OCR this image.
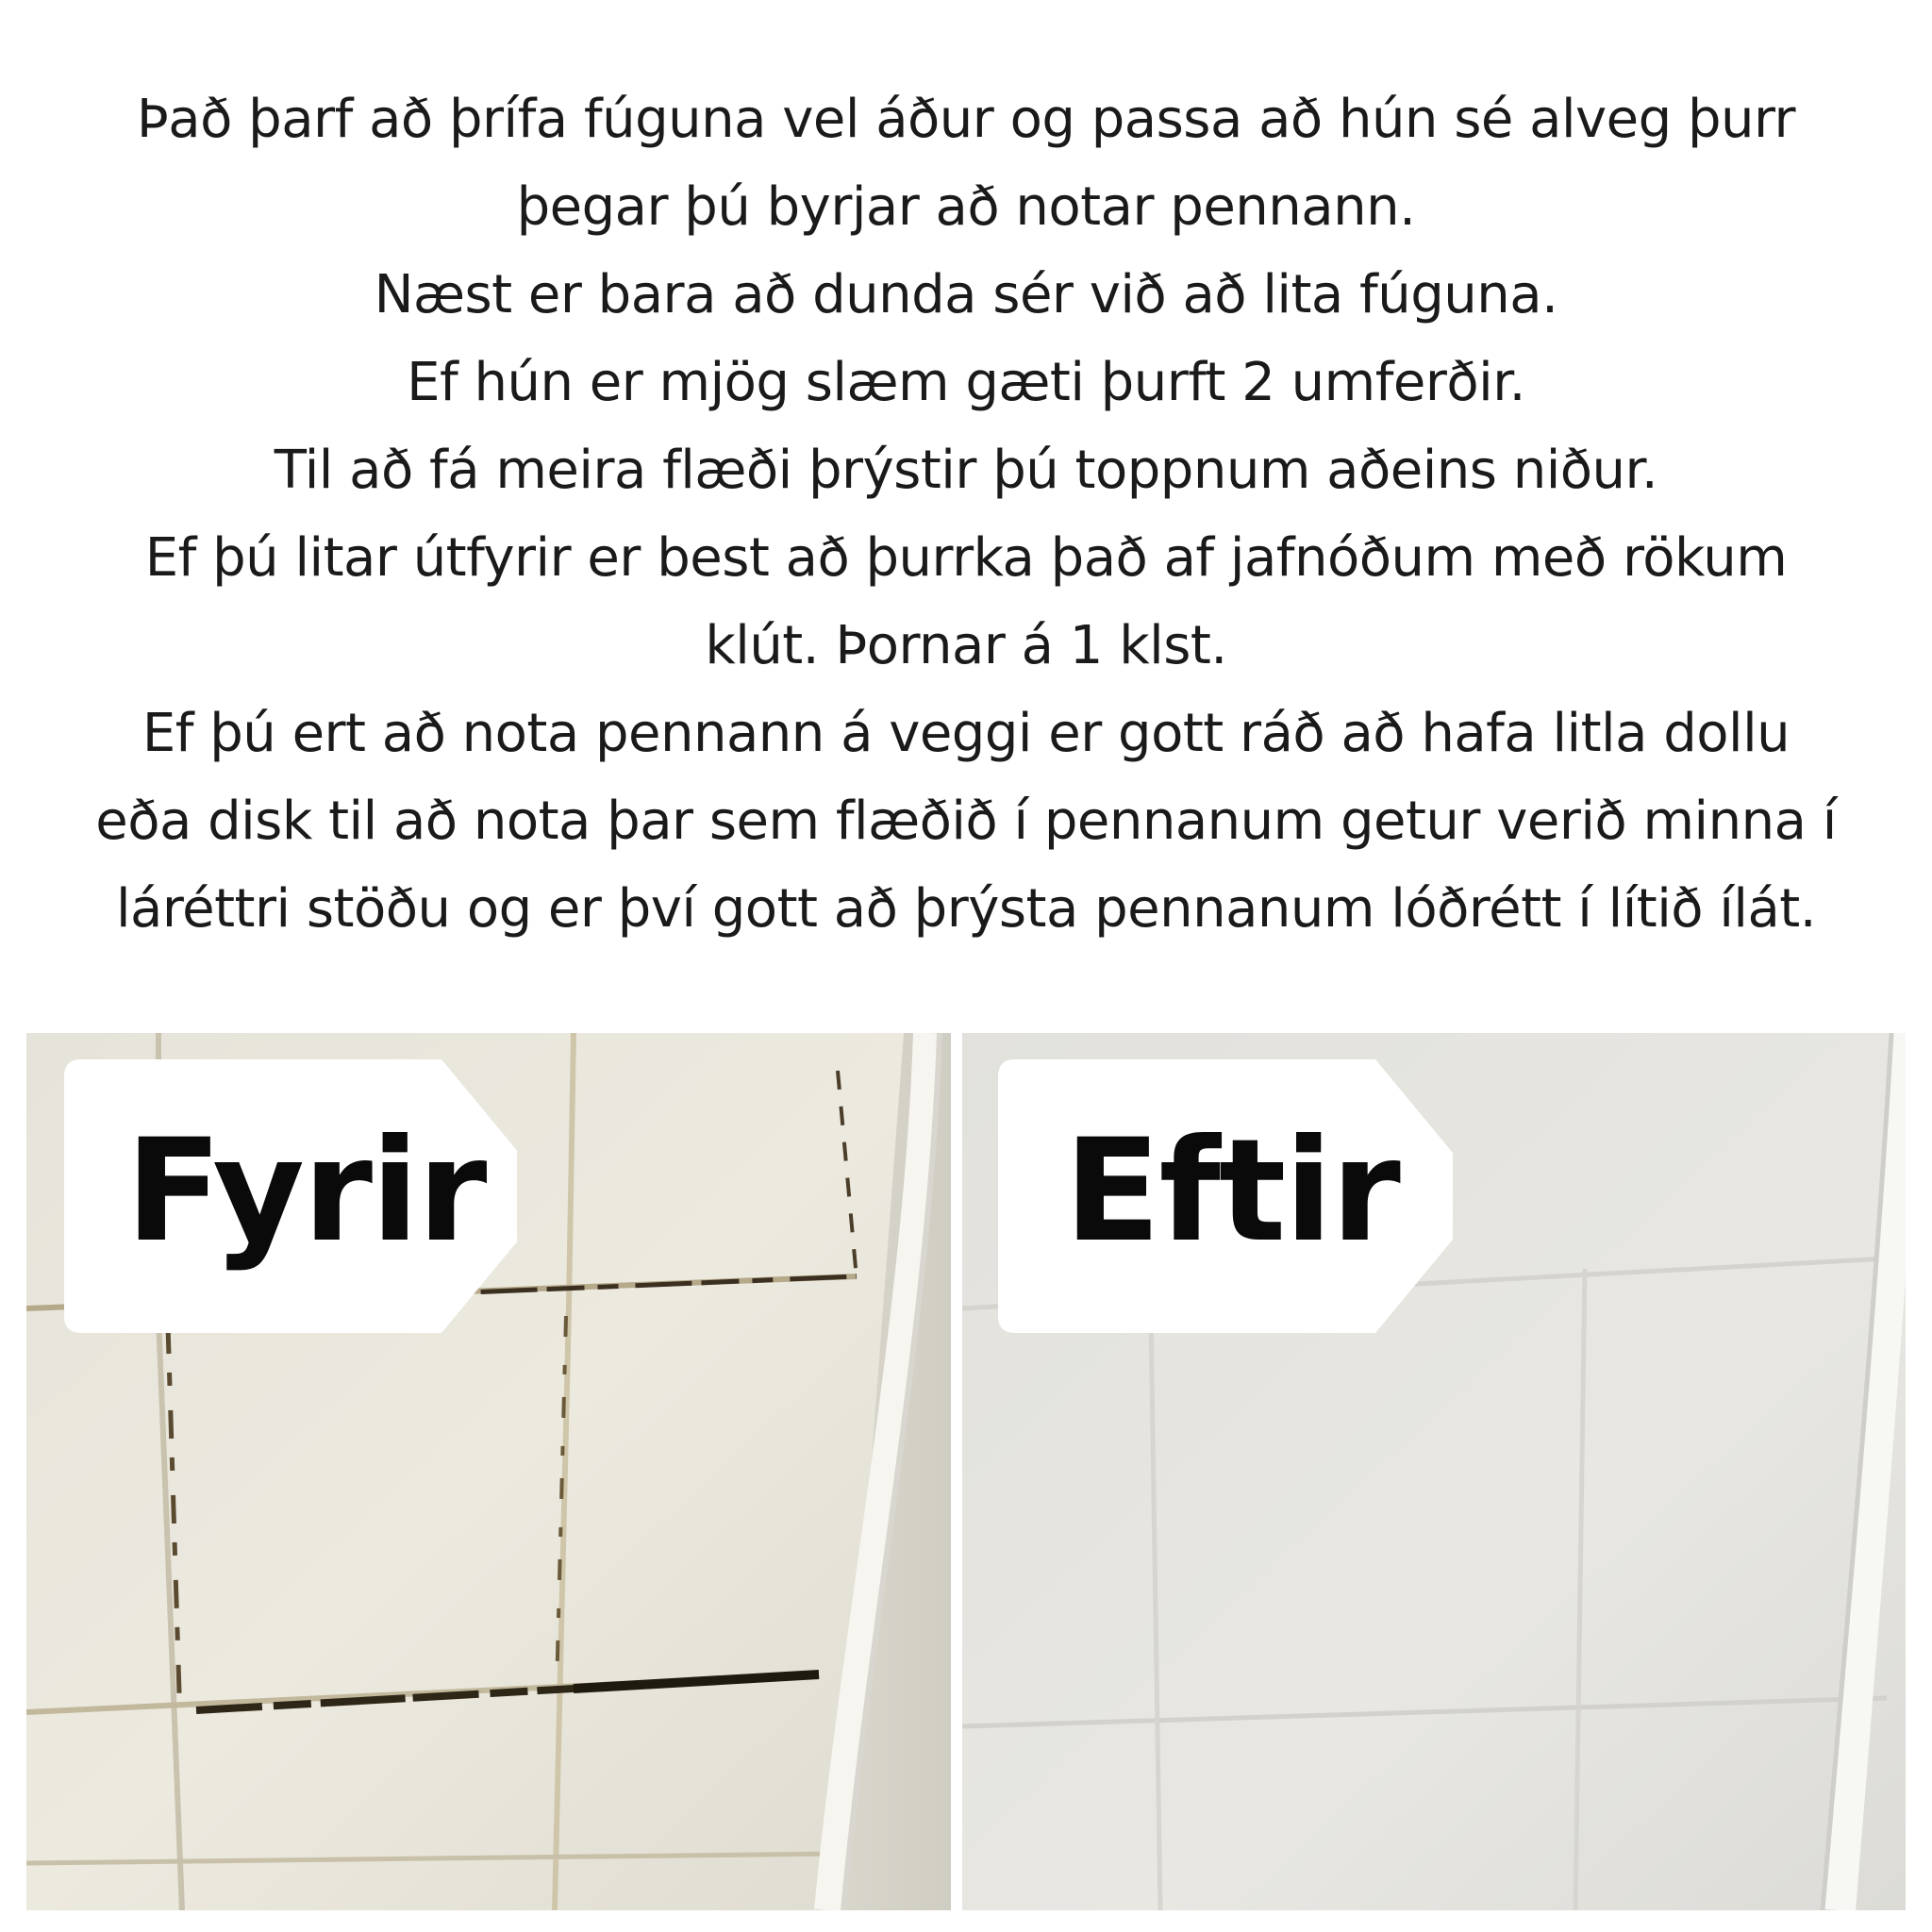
Það þarf að þrífa fúguna vel áður og passa að hún sé alveg þurr
þegar þú byrjar að notar pennann.
Næst er bara að dunda sér við að lita fúguna.
Ef hún er mjög slæm gæti þurft 2 umferðir.
Til að fá meira flæði þrýstir þú toppnum aðeins niður.
Ef þú litar útfyrir er best að þurrka það af jafnóðum með rökum
klút. Þornar á 1 klst.
Ef þú ert að nota pennann á veggi er gott ráð að hafa litla dollu
eða disk til að nota þar sem flæðið í pennanum getur verið minna í
láréttri stöðu og er því gott að þrýsta pennanum lóðrétt í lítið ílát.
Fyrir	Eftir
